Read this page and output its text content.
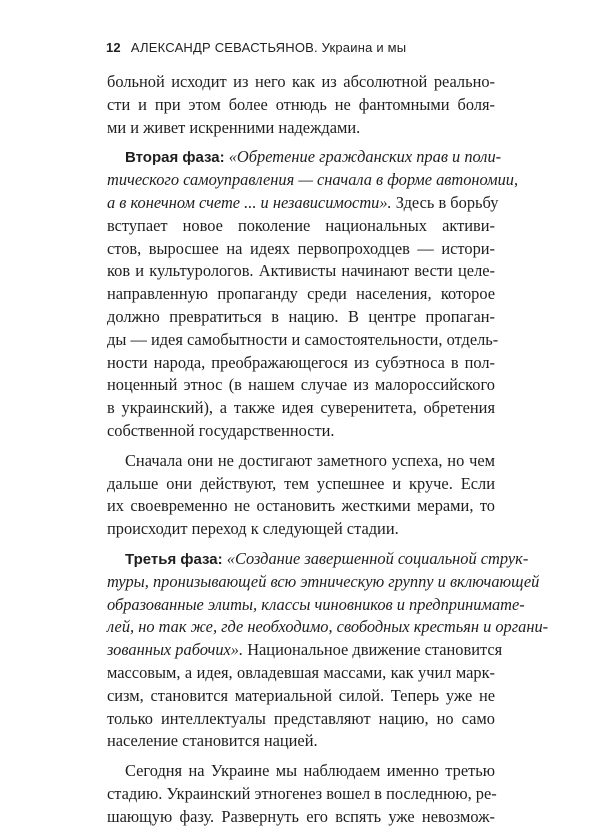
12 АЛЕКСАНДР СЕВАСТЬЯНОВ. Украина и мы
больной исходит из него как из абсолютной реально-
сти и при этом более отнюдь не фантомными боля-
ми и живет искренними надеждами.
Вторая фаза: «Обретение гражданских прав и поли-
тического самоуправления — сначала в форме автономии,
а в конечном счете ... и независимости». Здесь в борьбу
вступает новое поколение национальных активи-
стов, выросшее на идеях первопроходцев — истори-
ков и культурологов. Активисты начинают вести целе-
направленную пропаганду среди населения, которое
должно превратиться в нацию. В центре пропаган-
ды — идея самобытности и самостоятельности, отдель-
ности народа, преображающегося из субэтноса в пол-
ноценный этнос (в нашем случае из малороссийского
в украинский), а также идея суверенитета, обретения
собственной государственности.
Сначала они не достигают заметного успеха, но чем
дальше они действуют, тем успешнее и круче. Если
их своевременно не остановить жесткими мерами, то
происходит переход к следующей стадии.
Третья фаза: «Создание завершенной социальной струк-
туры, пронизывающей всю этническую группу и включающей
образованные элиты, классы чиновников и предпринимате-
лей, но так же, где необходимо, свободных крестьян и органи-
зованных рабочих». Национальное движение становится
массовым, а идея, овладевшая массами, как учил марк-
сизм, становится материальной силой. Теперь уже не
только интеллектуалы представляют нацию, но само
население становится нацией.
Сегодня на Украине мы наблюдаем именно третью
стадию. Украинский этногенез вошел в последнюю, ре-
шающую фазу. Развернуть его вспять уже невозмож-
